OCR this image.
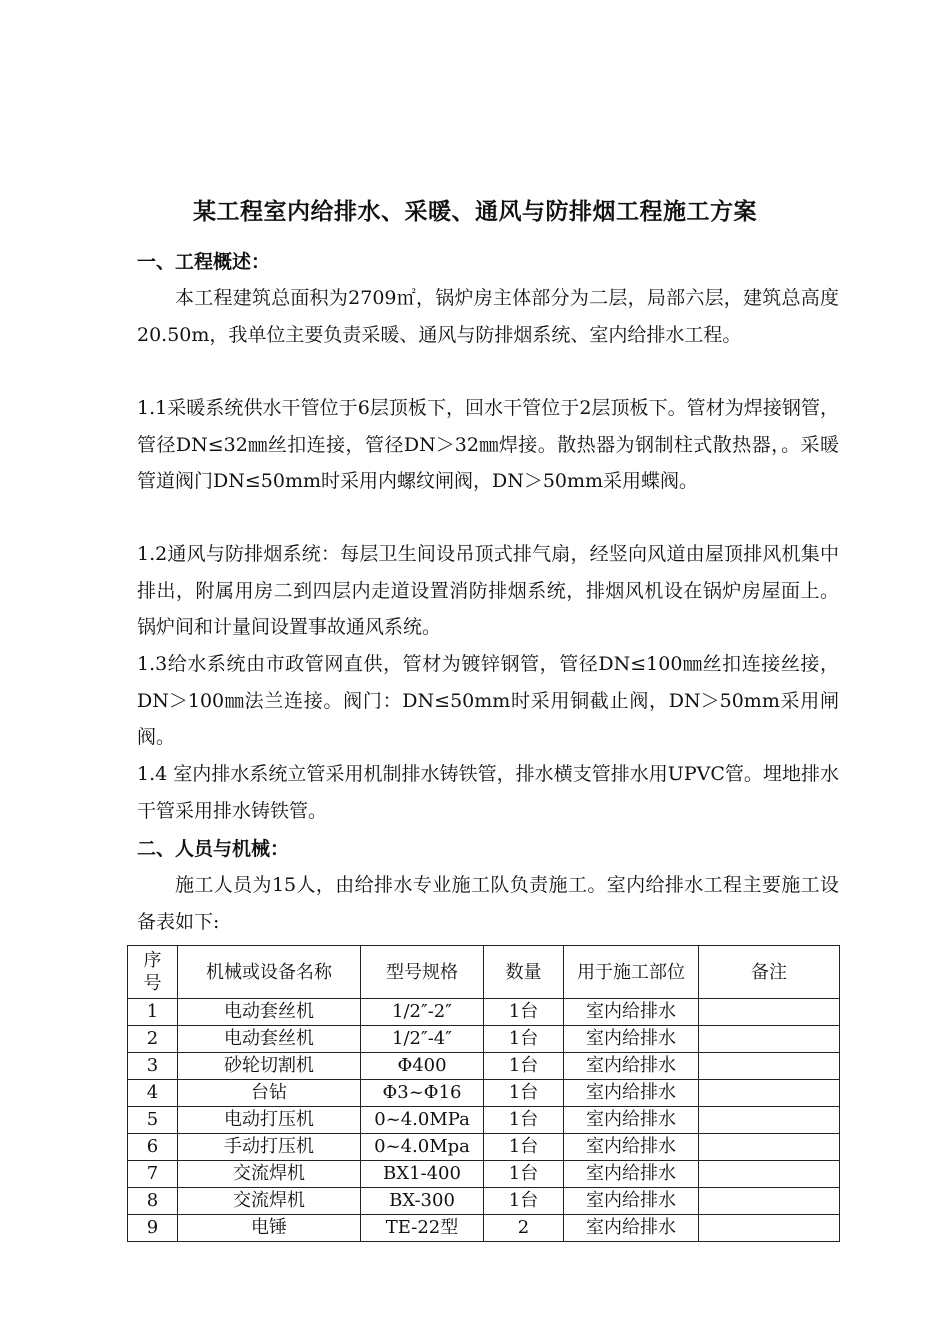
某工程室内给排水、采暖、通风与防排烟工程施工方案
一、工程概述：
本工程建筑总面积为2709㎡，锅炉房主体部分为二层，局部六层，建筑总高度20.50m，我单位主要负责采暖、通风与防排烟系统、室内给排水工程。
1.1采暖系统供水干管位于6层顶板下，回水干管位于2层顶板下。管材为焊接钢管，管径DN≤32㎜丝扣连接，管径DN＞32㎜焊接。散热器为钢制柱式散热器，。采暖管道阀门DN≤50mm时采用内螺纹闸阀，DN＞50mm采用蝶阀。
1.2通风与防排烟系统：每层卫生间设吊顶式排气扇，经竖向风道由屋顶排风机集中排出，附属用房二到四层内走道设置消防排烟系统，排烟风机设在锅炉房屋面上。锅炉间和计量间设置事故通风系统。
1.3给水系统由市政管网直供，管材为镀锌钢管，管径DN≤100㎜丝扣连接丝接，DN＞100㎜法兰连接。阀门：DN≤50mm时采用铜截止阀，DN＞50mm采用闸阀。
1.4 室内排水系统立管采用机制排水铸铁管，排水横支管排水用UPVC管。埋地排水干管采用排水铸铁管。
二、人员与机械：
施工人员为15人，由给排水专业施工队负责施工。室内给排水工程主要施工设备表如下:
序号	机械或设备名称	型号规格	数量	用于施工部位	备注
1	电动套丝机	1/2″-2″	1台	室内给排水	
2	电动套丝机	1/2″-4″	1台	室内给排水	
3	砂轮切割机	Φ400	1台	室内给排水	
4	台钻	Φ3~Φ16	1台	室内给排水	
5	电动打压机	0~4.0MPa	1台	室内给排水	
6	手动打压机	0~4.0Mpa	1台	室内给排水	
7	交流焊机	BX1-400	1台	室内给排水	
8	交流焊机	BX-300	1台	室内给排水	
9	电锤	TE-22型	2	室内给排水	
